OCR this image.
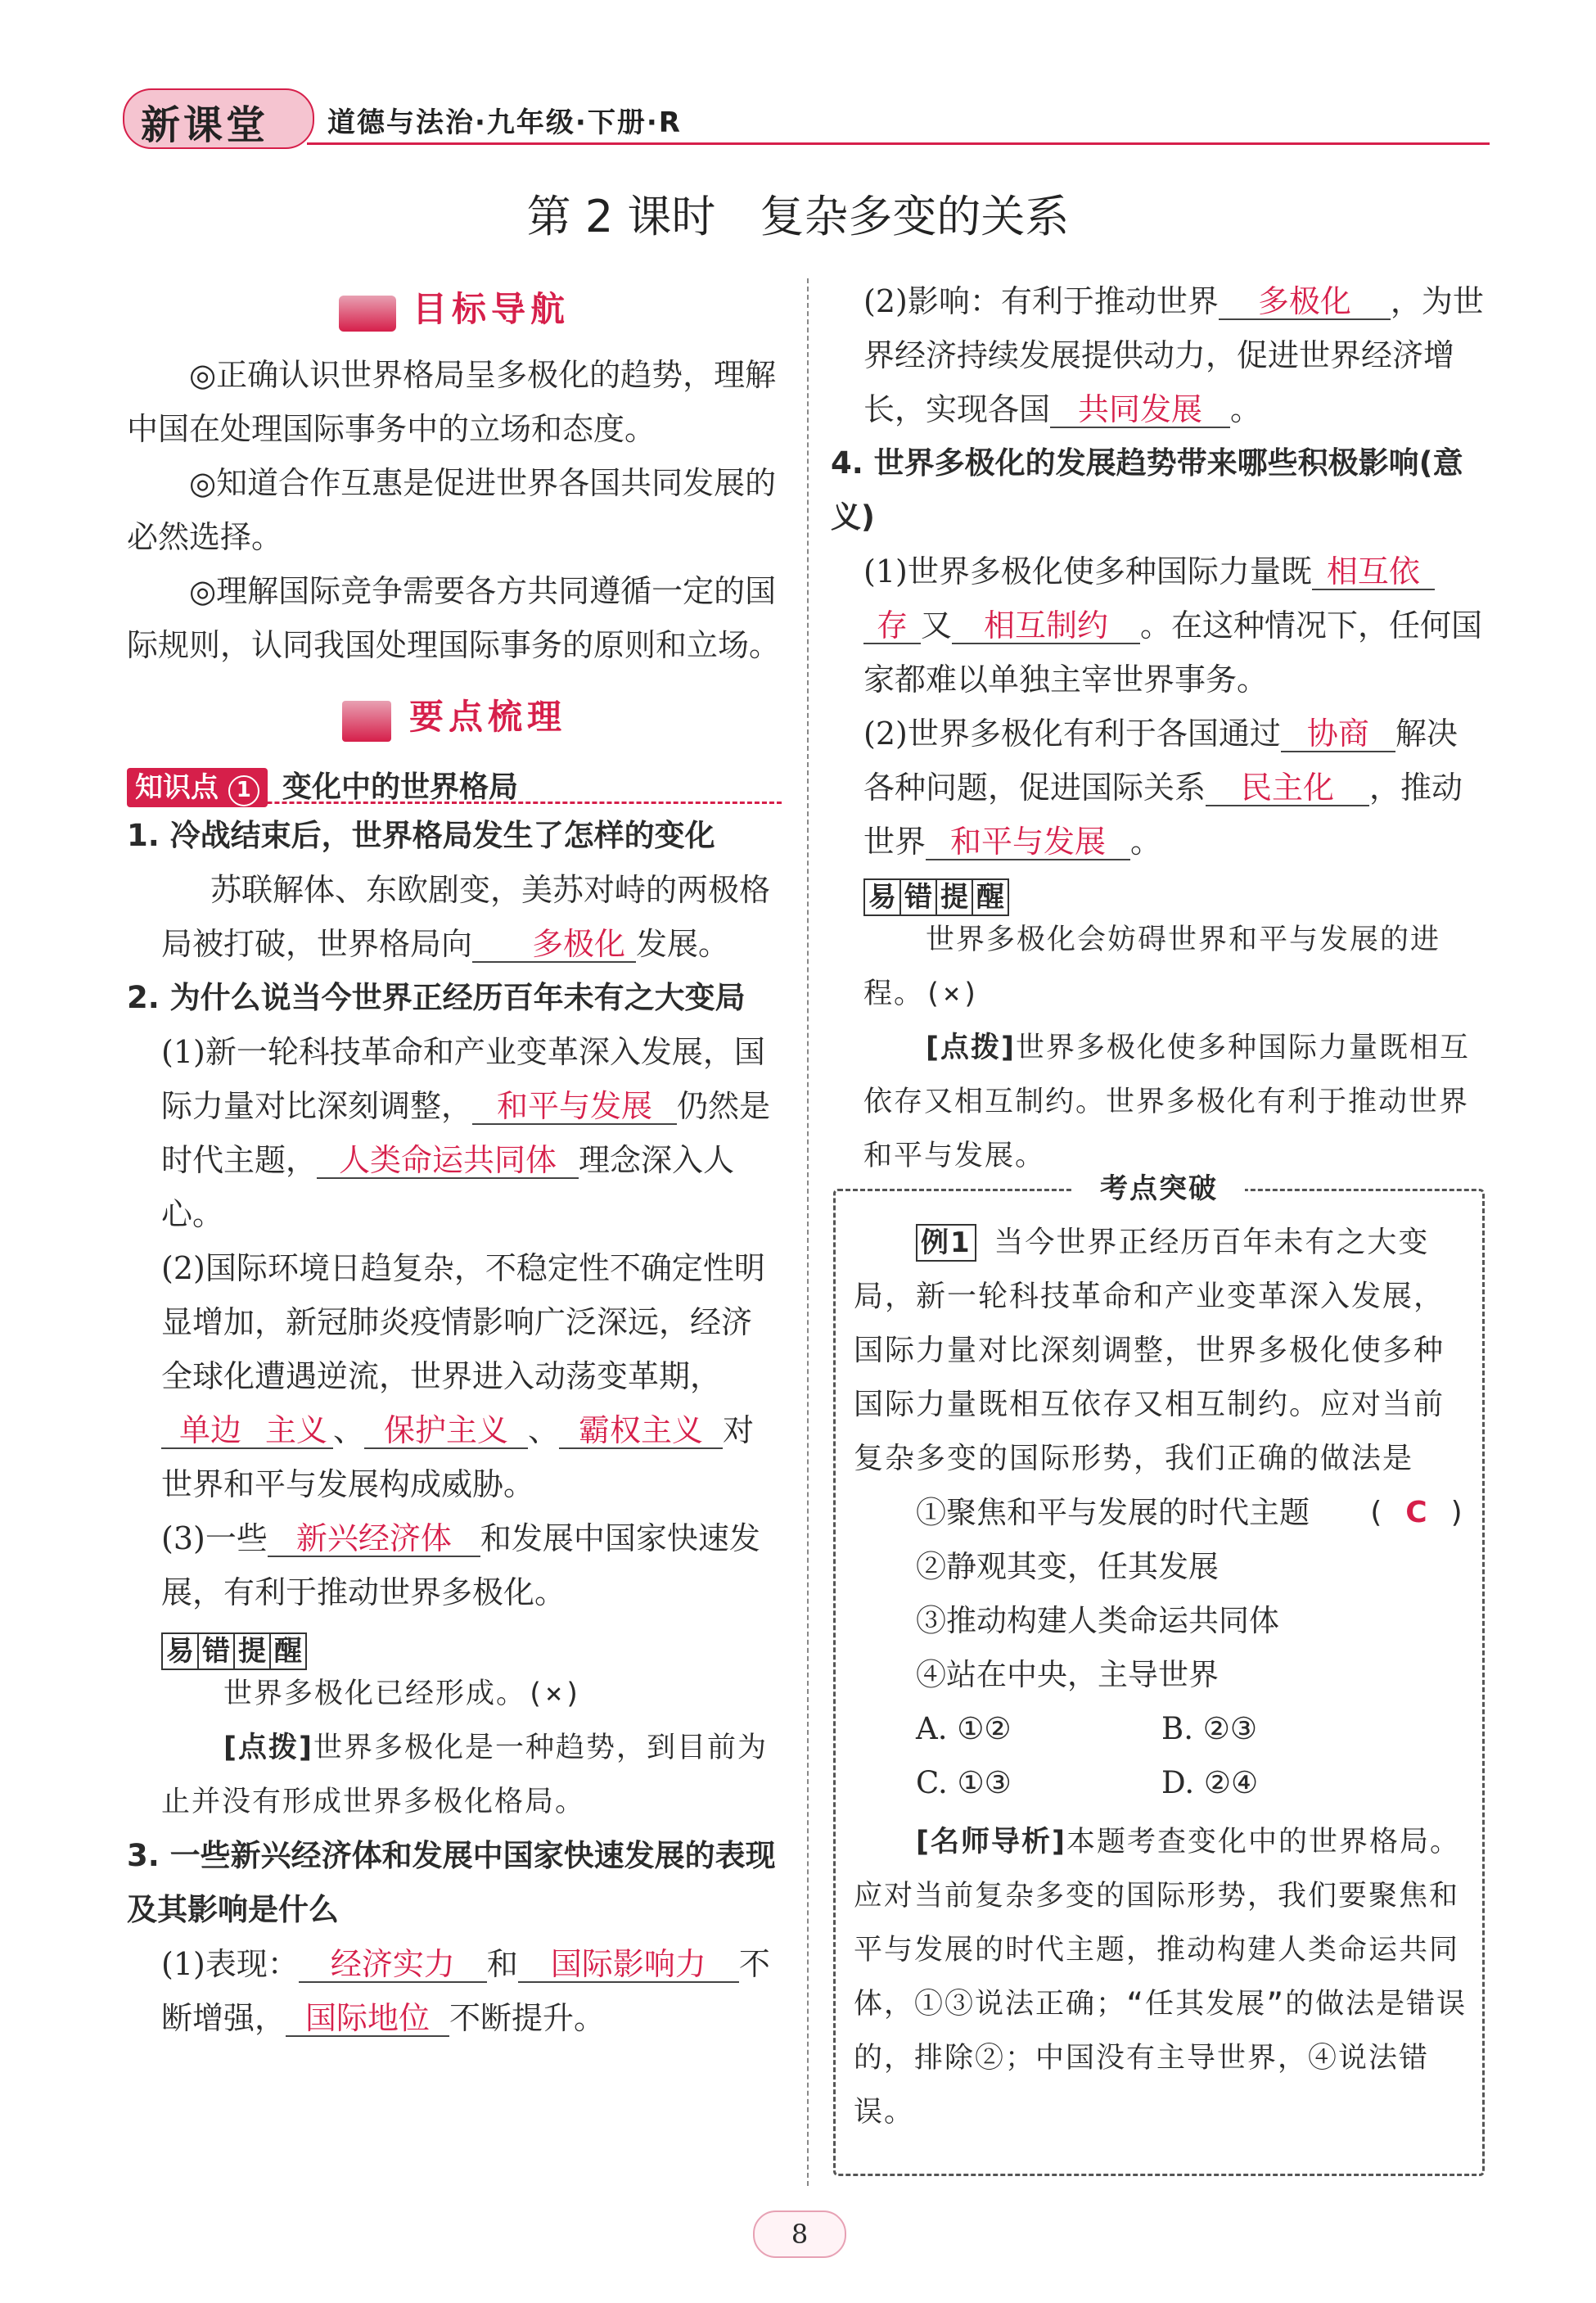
新课堂 道德与法治·九年级·下册·R
第 2 课时　复杂多变的关系
目标导航

◎正确认识世界格局呈多极化的趋势，理解中国在处理国际事务中的立场和态度。

◎知道合作互惠是促进世界各国共同发展的必然选择。

◎理解国际竞争需要各方共同遵循一定的国际规则，认同我国处理国际事务的原则和立场。

要点梳理
知识点 1 变化中的世界格局

1. 冷战结束后，世界格局发生了怎样的变化

苏联解体、东欧剧变，美苏对峙的两极格局被打破，世界格局向 多极化 发展。

2. 为什么说当今世界正经历百年未有之大变局

(1)新一轮科技革命和产业变革深入发展，国际力量对比深刻调整， 和平与发展 仍然是时代主题， 人类命运共同体 理念深入人心。

(2)国际环境日趋复杂，不稳定性不确定性明显增加，新冠肺炎疫情影响广泛深远，经济全球化遭遇逆流，世界进入动荡变革期，单边 主义 、 保护主义 、 霸权主义 对世界和平与发展构成威胁。

(3)一些 新兴经济体 和发展中国家快速发展，有利于推动世界多极化。

易 错 提 醒

世界多极化已经形成。(×)

[点拨]世界多极化是一种趋势，到目前为止并没有形成世界多极化格局。

3. 一些新兴经济体和发展中国家快速发展的表现及其影响是什么

(1)表现： 经济实力 和 国际影响力 不断增强， 国际地位 不断提升。

(2)影响：有利于推动世界 多极化 ，为世界经济持续发展提供动力，促进世界经济增长，实现各国 共同发展 。

4. 世界多极化的发展趋势带来哪些积极影响(意义)

(1)世界多极化使多种国际力量既 相互依存 又 相互制约 。在这种情况下，任何国家都难以单独主宰世界事务。

(2)世界多极化有利于各国通过 协商 解决各种问题，促进国际关系 民主化 ，推动世界 和平与发展 。

易 错 提 醒

世界多极化会妨碍世界和平与发展的进程。(×)

[点拨]世界多极化使多种国际力量既相互依存又相互制约。世界多极化有利于推动世界和平与发展。

考点突破

例1 当今世界正经历百年未有之大变局，新一轮科技革命和产业变革深入发展，国际力量对比深刻调整，世界多极化使多种国际力量既相互依存又相互制约。应对当前复杂多变的国际形势，我们正确的做法是
( C )

①聚焦和平与发展的时代主题

②静观其变，任其发展

③推动构建人类命运共同体

④站在中央，主导世界

A. ①②	B. ②③
C. ①③	D. ②④

[名师导析]本题考查变化中的世界格局。应对当前复杂多变的国际形势，我们要聚焦和平与发展的时代主题，推动构建人类命运共同体，①③说法正确；“任其发展”的做法是错误的，排除②；中国没有主导世界，④说法错误。

8
